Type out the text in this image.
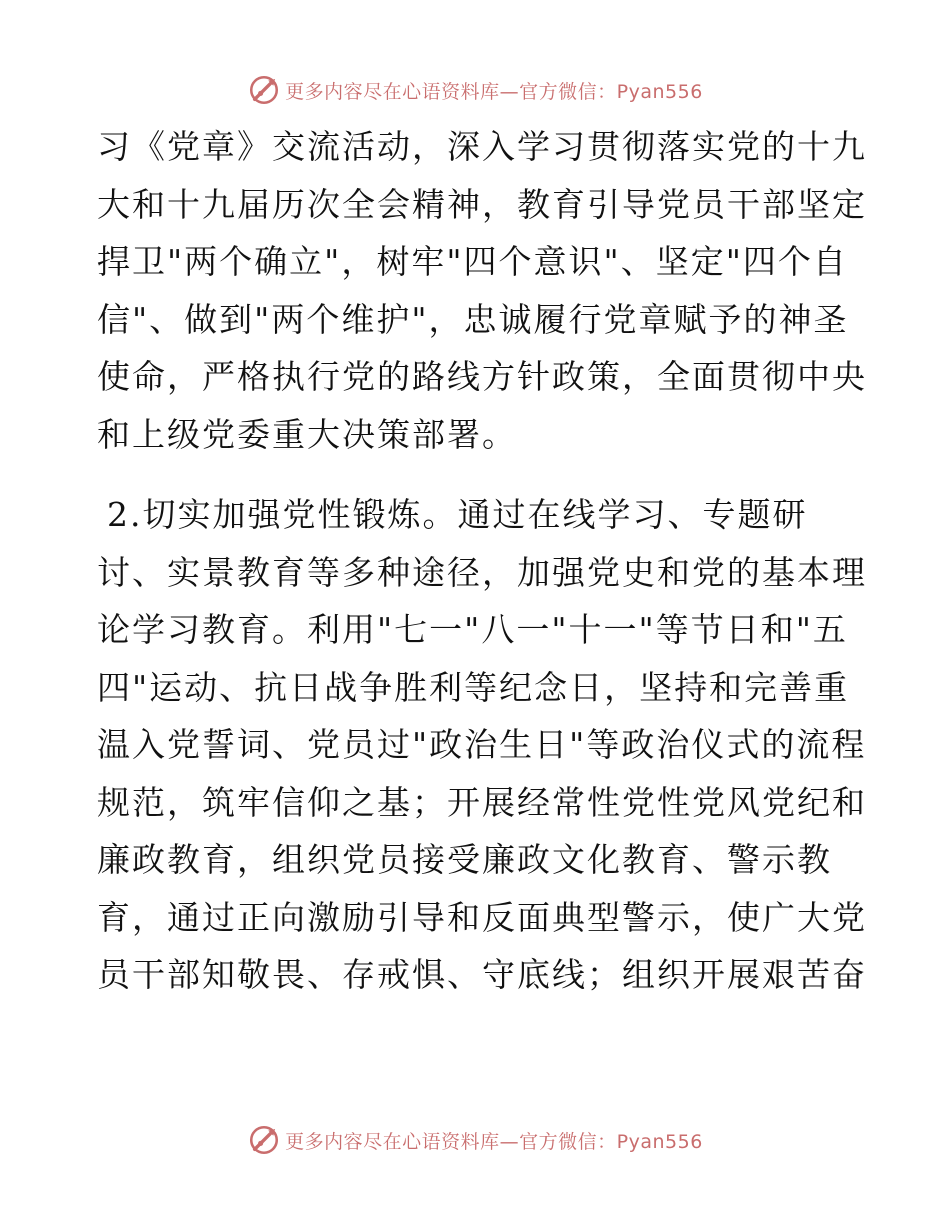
更多内容尽在心语资料库—官方微信：Pyan556
习《党章》交流活动，深入学习贯彻落实党的十九
大和十九届历次全会精神，教育引导党员干部坚定
捍卫"两个确立"，树牢"四个意识"、坚定"四个自
信"、做到"两个维护"，忠诚履行党章赋予的神圣
使命，严格执行党的路线方针政策，全面贯彻中央
和上级党委重大决策部署。
2.切实加强党性锻炼。通过在线学习、专题研
讨、实景教育等多种途径，加强党史和党的基本理
论学习教育。利用"七一"八一"十一"等节日和"五
四"运动、抗日战争胜利等纪念日，坚持和完善重
温入党誓词、党员过"政治生日"等政治仪式的流程
规范，筑牢信仰之基；开展经常性党性党风党纪和
廉政教育，组织党员接受廉政文化教育、警示教
育，通过正向激励引导和反面典型警示，使广大党
员干部知敬畏、存戒惧、守底线；组织开展艰苦奋
更多内容尽在心语资料库—官方微信：Pyan556
